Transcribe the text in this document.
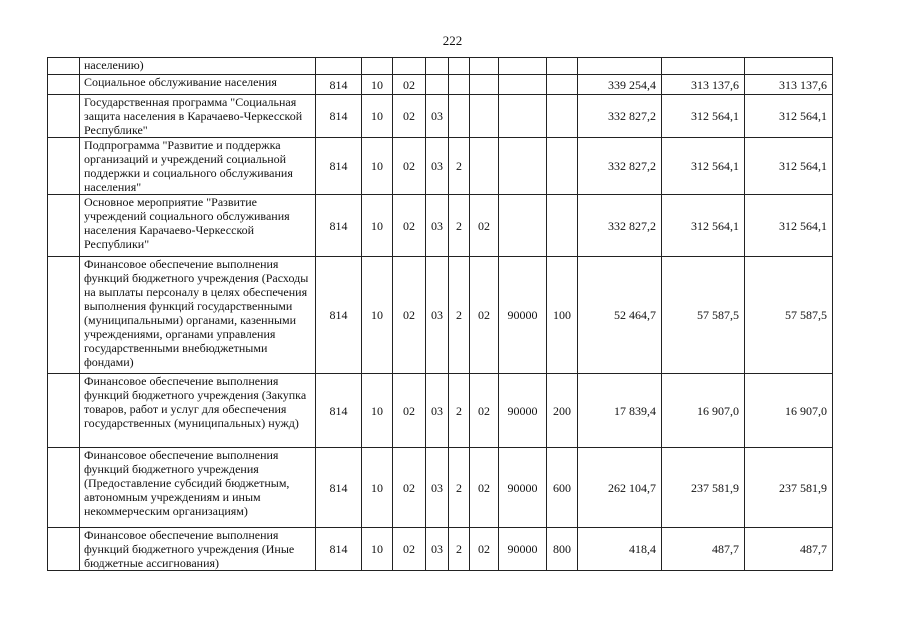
222
	населению)											
	Социальное обслуживание населения	814	10	02						339 254,4	313 137,6	313 137,6
	Государственная программа "Социальная защита населения в Карачаево-Черкесской Республике"	814	10	02	03					332 827,2	312 564,1	312 564,1
	Подпрограмма "Развитие и поддержка организаций и учреждений социальной поддержки и социального обслуживания населения"	814	10	02	03	2				332 827,2	312 564,1	312 564,1
	Основное мероприятие "Развитие учреждений социального обслуживания населения Карачаево-Черкесской Республики"	814	10	02	03	2	02			332 827,2	312 564,1	312 564,1
	Финансовое обеспечение выполнения функций бюджетного учреждения (Расходы на выплаты персоналу в целях обеспечения выполнения функций государственными (муниципальными) органами, казенными учреждениями, органами управления государственными внебюджетными фондами)	814	10	02	03	2	02	90000	100	52 464,7	57 587,5	57 587,5
	Финансовое обеспечение выполнения функций бюджетного учреждения (Закупка товаров, работ и услуг для обеспечения государственных (муниципальных) нужд)	814	10	02	03	2	02	90000	200	17 839,4	16 907,0	16 907,0
	Финансовое обеспечение выполнения функций бюджетного учреждения (Предоставление субсидий бюджетным, автономным учреждениям и иным некоммерческим организациям)	814	10	02	03	2	02	90000	600	262 104,7	237 581,9	237 581,9
	Финансовое обеспечение выполнения функций бюджетного учреждения (Иные бюджетные ассигнования)	814	10	02	03	2	02	90000	800	418,4	487,7	487,7
